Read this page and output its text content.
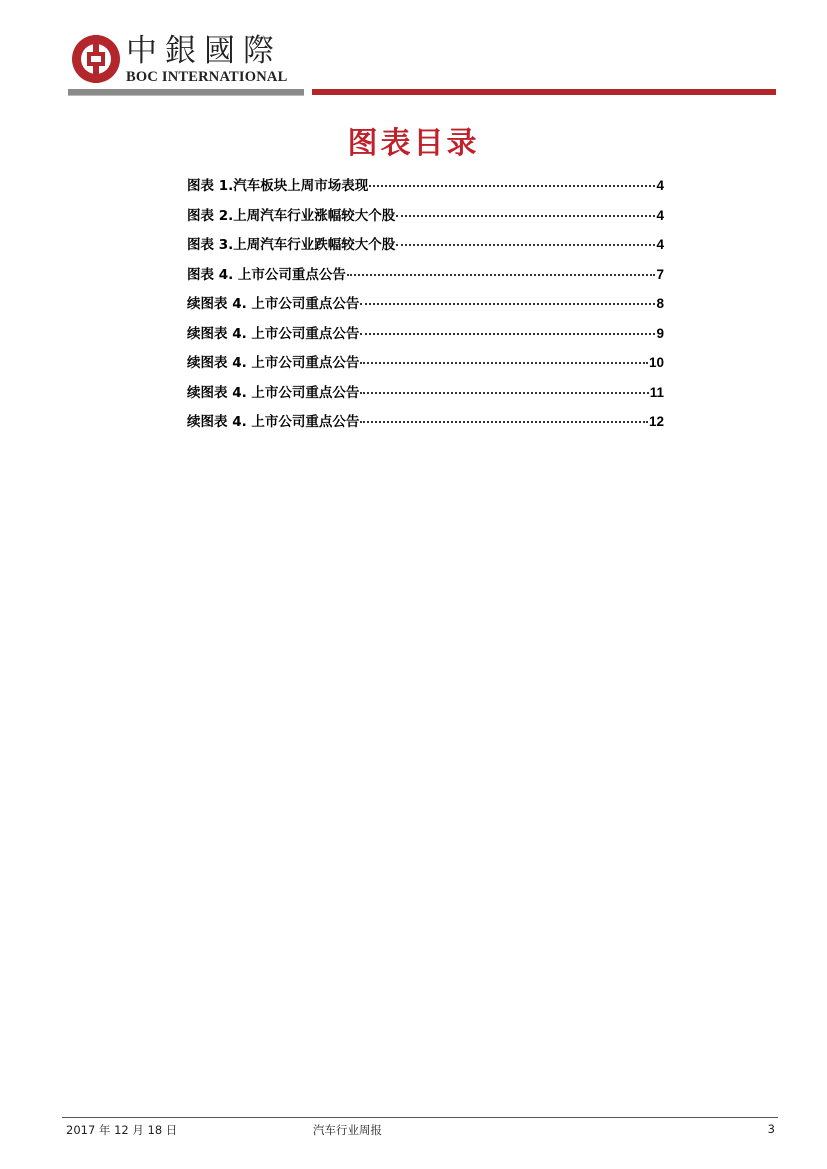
中銀國際
BOC INTERNATIONAL
图表目录
图表 1.汽车板块上周市场表现	4
图表 2.上周汽车行业涨幅较大个股	4
图表 3.上周汽车行业跌幅较大个股	4
图表 4. 上市公司重点公告	7
续图表 4. 上市公司重点公告	8
续图表 4. 上市公司重点公告	9
续图表 4. 上市公司重点公告	10
续图表 4. 上市公司重点公告	11
续图表 4. 上市公司重点公告	12
2017 年 12 月 18 日	汽车行业周报	3
